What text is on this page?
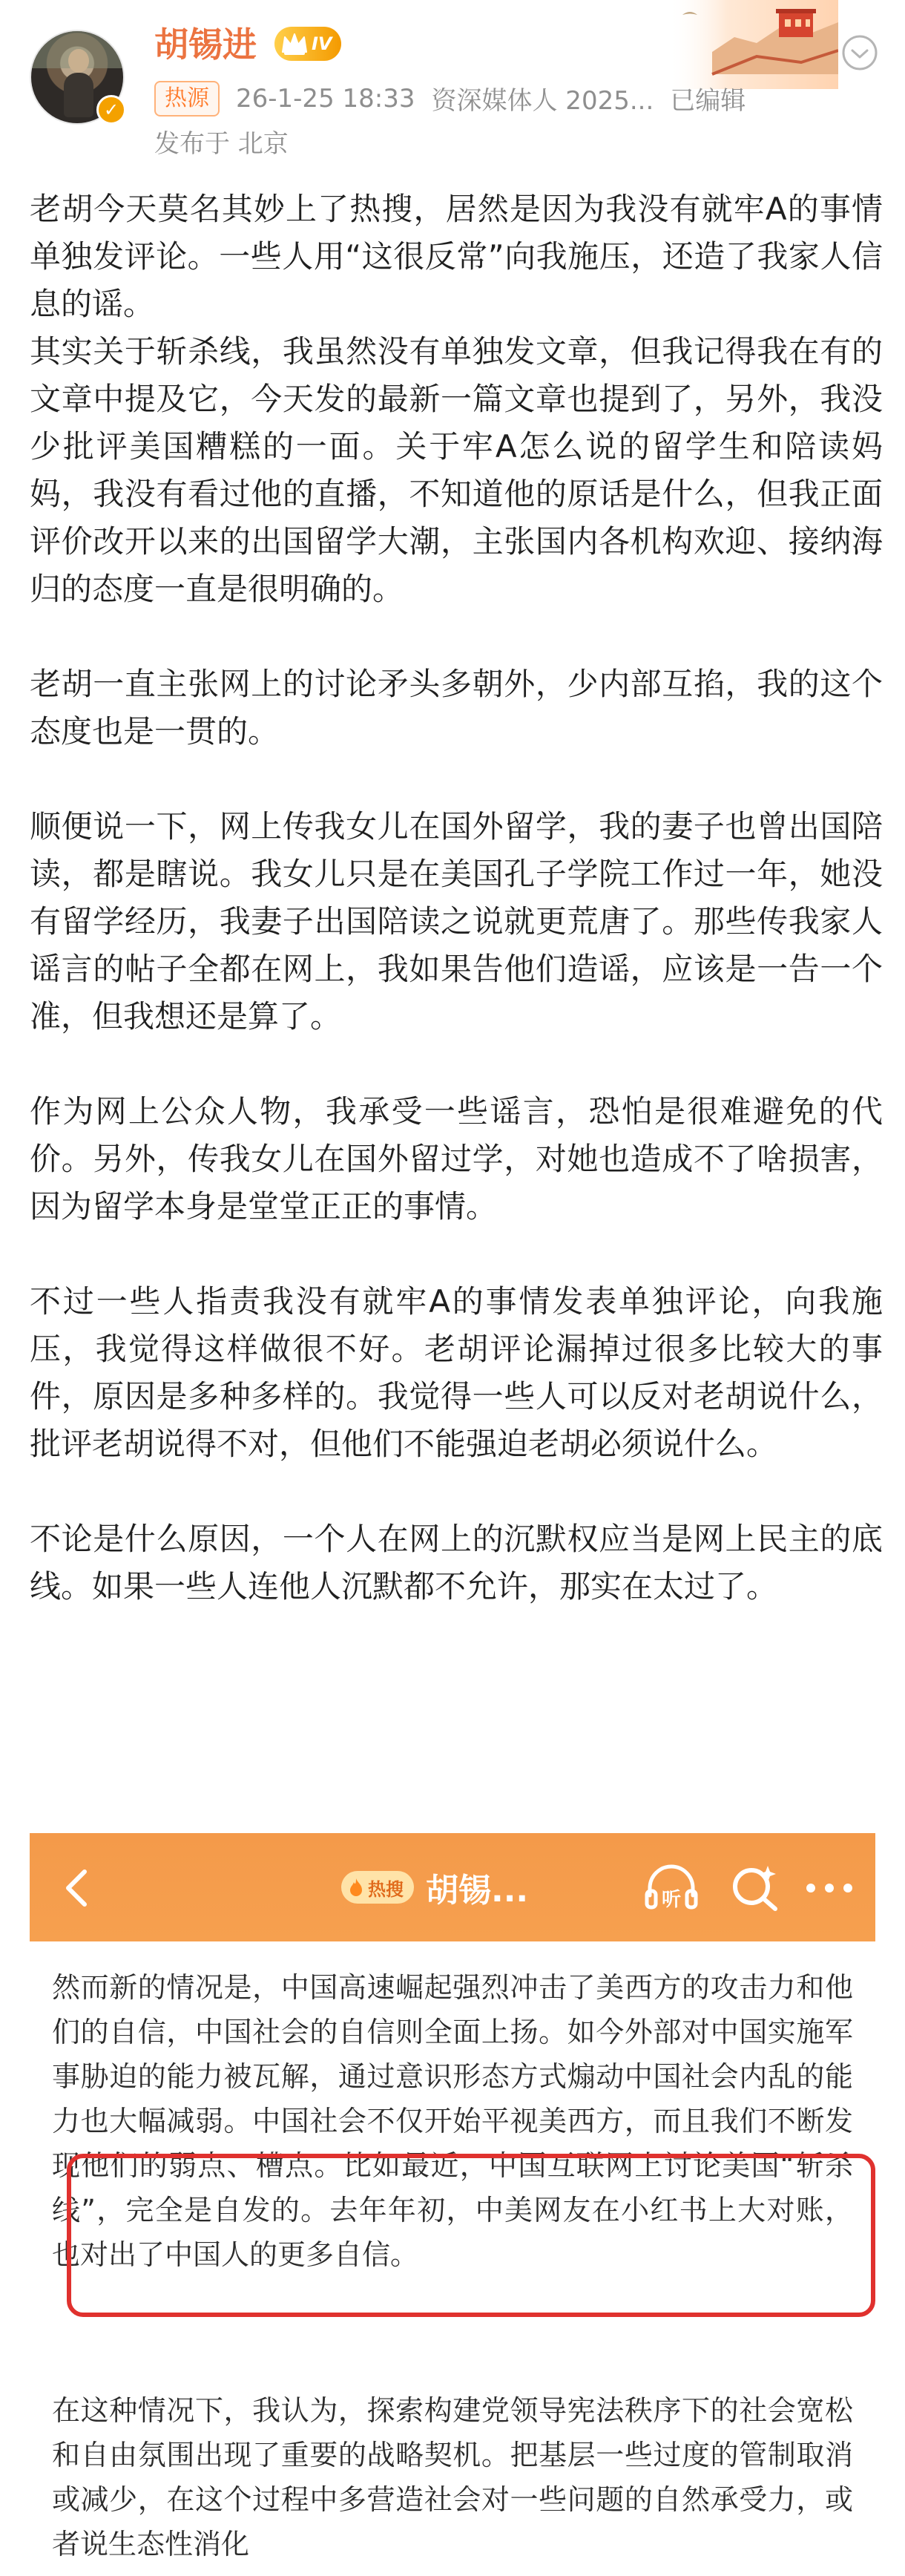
✓
胡锡进	IV
热源	26-1-25 18:33 资深媒体人 2025... 已编辑
发布于 北京

老胡今天莫名其妙上了热搜，居然是因为我没有就牢A的事情单独发评论。一些人用“这很反常”向我施压，还造了我家人信息的谣。

其实关于斩杀线，我虽然没有单独发文章，但我记得我在有的文章中提及它，今天发的最新一篇文章也提到了，另外，我没少批评美国糟糕的一面。关于牢A怎么说的留学生和陪读妈妈，我没有看过他的直播，不知道他的原话是什么，但我正面评价改开以来的出国留学大潮，主张国内各机构欢迎、接纳海归的态度一直是很明确的。

老胡一直主张网上的讨论矛头多朝外，少内部互掐，我的这个态度也是一贯的。

顺便说一下，网上传我女儿在国外留学，我的妻子也曾出国陪读，都是瞎说。我女儿只是在美国孔子学院工作过一年，她没有留学经历，我妻子出国陪读之说就更荒唐了。那些传我家人谣言的帖子全都在网上，我如果告他们造谣，应该是一告一个准，但我想还是算了。

作为网上公众人物，我承受一些谣言，恐怕是很难避免的代价。另外，传我女儿在国外留过学，对她也造成不了啥损害，因为留学本身是堂堂正正的事情。

不过一些人指责我没有就牢A的事情发表单独评论，向我施压，我觉得这样做很不好。老胡评论漏掉过很多比较大的事件，原因是多种多样的。我觉得一些人可以反对老胡说什么，批评老胡说得不对，但他们不能强迫老胡必须说什么。

不论是什么原因，一个人在网上的沉默权应当是网上民主的底线。如果一些人连他人沉默都不允许，那实在太过了。

热搜 胡锡...	听

然而新的情况是，中国高速崛起强烈冲击了美西方的攻击力和他们的自信，中国社会的自信则全面上扬。如今外部对中国实施军事胁迫的能力被瓦解，通过意识形态方式煽动中国社会内乱的能力也大幅减弱。中国社会不仅开始平视美西方，而且我们不断发现他们的弱点、槽点。比如最近，中国互联网上讨论美国“斩杀线”，完全是自发的。去年年初，中美网友在小红书上大对账，也对出了中国人的更多自信。

在这种情况下，我认为，探索构建党领导宪法秩序下的社会宽松和自由氛围出现了重要的战略契机。把基层一些过度的管制取消或减少，在这个过程中多营造社会对一些问题的自然承受力，或者说生态性消化
